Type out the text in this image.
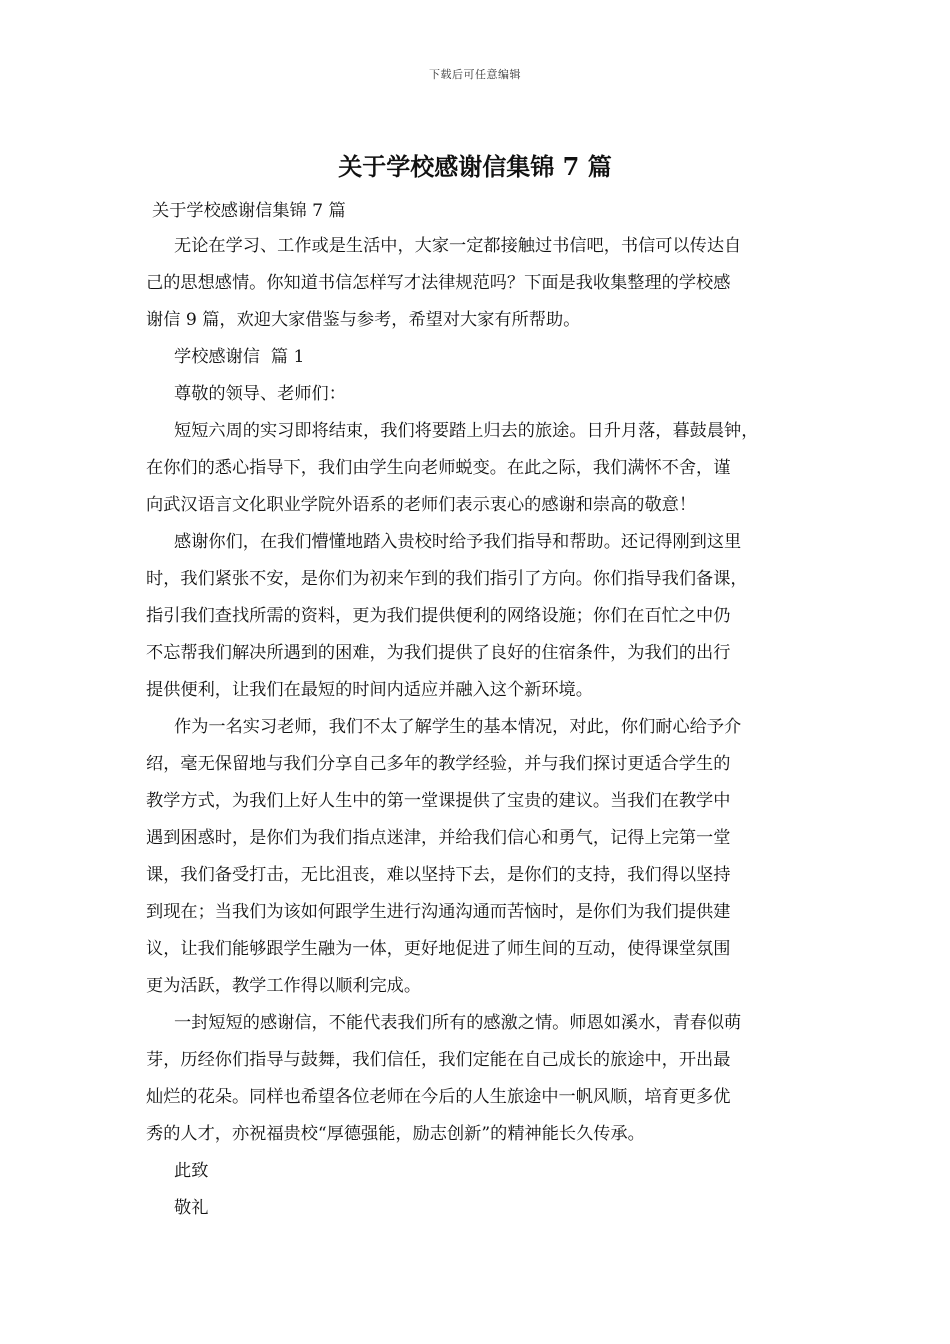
下载后可任意编辑
关于学校感谢信集锦 7 篇
关于学校感谢信集锦 7 篇
无论在学习、工作或是生活中，大家一定都接触过书信吧，书信可以传达自
己的思想感情。你知道书信怎样写才法律规范吗？下面是我收集整理的学校感
谢信 9 篇，欢迎大家借鉴与参考，希望对大家有所帮助。
学校感谢信  篇 1
尊敬的领导、老师们：
短短六周的实习即将结束，我们将要踏上归去的旅途。日升月落，暮鼓晨钟，
在你们的悉心指导下，我们由学生向老师蜕变。在此之际，我们满怀不舍，谨
向武汉语言文化职业学院外语系的老师们表示衷心的感谢和崇高的敬意！
感谢你们，在我们懵懂地踏入贵校时给予我们指导和帮助。还记得刚到这里
时，我们紧张不安，是你们为初来乍到的我们指引了方向。你们指导我们备课，
指引我们查找所需的资料，更为我们提供便利的网络设施；你们在百忙之中仍
不忘帮我们解决所遇到的困难，为我们提供了良好的住宿条件，为我们的出行
提供便利，让我们在最短的时间内适应并融入这个新环境。
作为一名实习老师，我们不太了解学生的基本情况，对此，你们耐心给予介
绍，毫无保留地与我们分享自己多年的教学经验，并与我们探讨更适合学生的
教学方式，为我们上好人生中的第一堂课提供了宝贵的建议。当我们在教学中
遇到困惑时，是你们为我们指点迷津，并给我们信心和勇气，记得上完第一堂
课，我们备受打击，无比沮丧，难以坚持下去，是你们的支持，我们得以坚持
到现在；当我们为该如何跟学生进行沟通沟通而苦恼时，是你们为我们提供建
议，让我们能够跟学生融为一体，更好地促进了师生间的互动，使得课堂氛围
更为活跃，教学工作得以顺利完成。
一封短短的感谢信，不能代表我们所有的感激之情。师恩如溪水，青春似萌
芽，历经你们指导与鼓舞，我们信任，我们定能在自己成长的旅途中，开出最
灿烂的花朵。同样也希望各位老师在今后的人生旅途中一帆风顺，培育更多优
秀的人才，亦祝福贵校“厚德强能，励志创新”的精神能长久传承。
此致
敬礼
